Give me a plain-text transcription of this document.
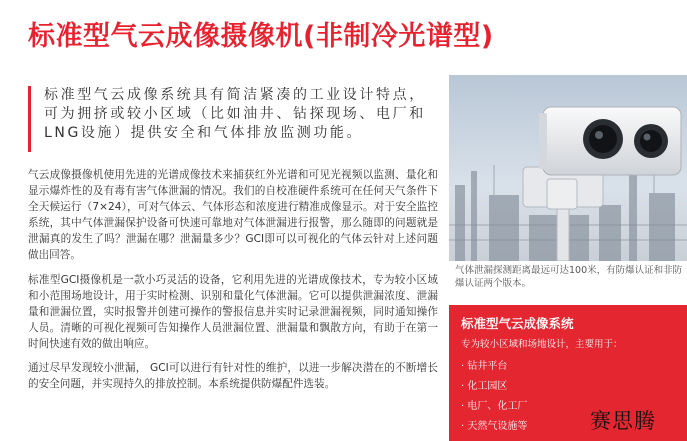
标准型气云成像摄像机(非制冷光谱型)
标准型气云成像系统具有简洁紧凑的工业设计特点，可为拥挤或较小区域（比如油井、钻探现场、电厂和LNG设施）提供安全和气体排放监测功能。
气云成像摄像机使用先进的光谱成像技术来捕获红外光谱和可见光视频以监测、量化和显示爆炸性的及有毒有害气体泄漏的情况。我们的自校准硬件系统可在任何天气条件下全天候运行（7×24），可对气体云、气体形态和浓度进行精准成像显示。对于安全监控系统，其中气体泄漏保护设备可快速可靠地对气体泄漏进行报警，那么随即的问题就是泄漏真的发生了吗？泄漏在哪？泄漏量多少？GCI即可以可视化的气体云针对上述问题做出回答。
标准型GCI摄像机是一款小巧灵活的设备，它利用先进的光谱成像技术，专为较小区域和小范围场地设计，用于实时检测、识别和量化气体泄漏。它可以提供泄漏浓度、泄漏量和泄漏位置，实时报警并创建可操作的警报信息并实时记录泄漏视频，同时通知操作人员。清晰的可视化视频可告知操作人员泄漏位置、泄漏量和飘散方向，有助于在第一时间快速有效的做出响应。
通过尽早发现较小泄漏， GCI可以进行有针对性的维护，以进一步解决潜在的不断增长的安全问题，并实现持久的排放控制。本系统提供防爆配件选装。
气体泄漏探测距离最远可达100米，有防爆认证和非防爆认证两个版本。
标准型气云成像系统
专为较小区域和场地设计，主要用于：
· 钻井平台
· 化工园区
· 电厂、化工厂
· 天然气设施等	赛思腾
